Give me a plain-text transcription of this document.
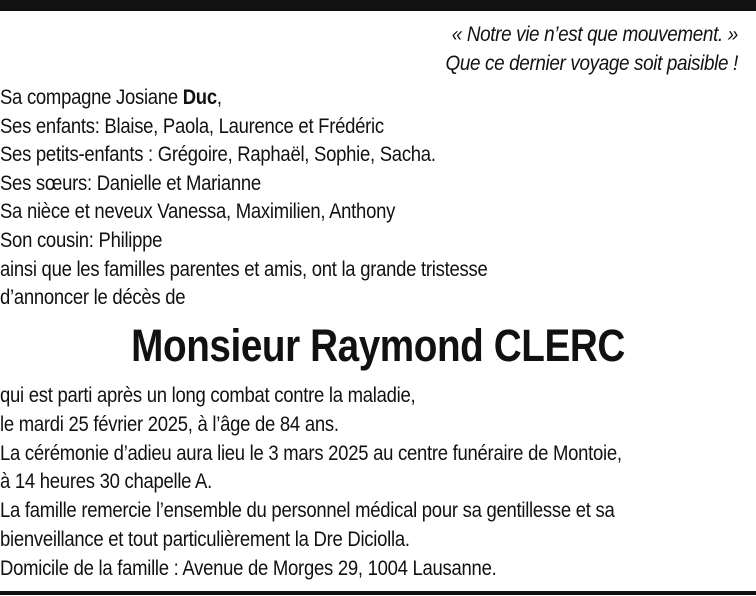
« Notre vie n’est que mouvement. »
Que ce dernier voyage soit paisible !
Sa compagne Josiane Duc,
Ses enfants: Blaise, Paola, Laurence et Frédéric
Ses petits-enfants : Grégoire, Raphaël, Sophie, Sacha.
Ses sœurs: Danielle et Marianne
Sa nièce et neveux Vanessa, Maximilien, Anthony
Son cousin: Philippe
ainsi que les familles parentes et amis, ont la grande tristesse
d’annoncer le décès de
Monsieur Raymond CLERC
qui est parti après un long combat contre la maladie,
le mardi 25 février 2025, à l’âge de 84 ans.
La cérémonie d’adieu aura lieu le 3 mars 2025 au centre funéraire de Montoie,
à 14 heures 30 chapelle A.
La famille remercie l’ensemble du personnel médical pour sa gentillesse et sa
bienveillance et tout particulièrement la Dre Diciolla.
Domicile de la famille : Avenue de Morges 29, 1004 Lausanne.
